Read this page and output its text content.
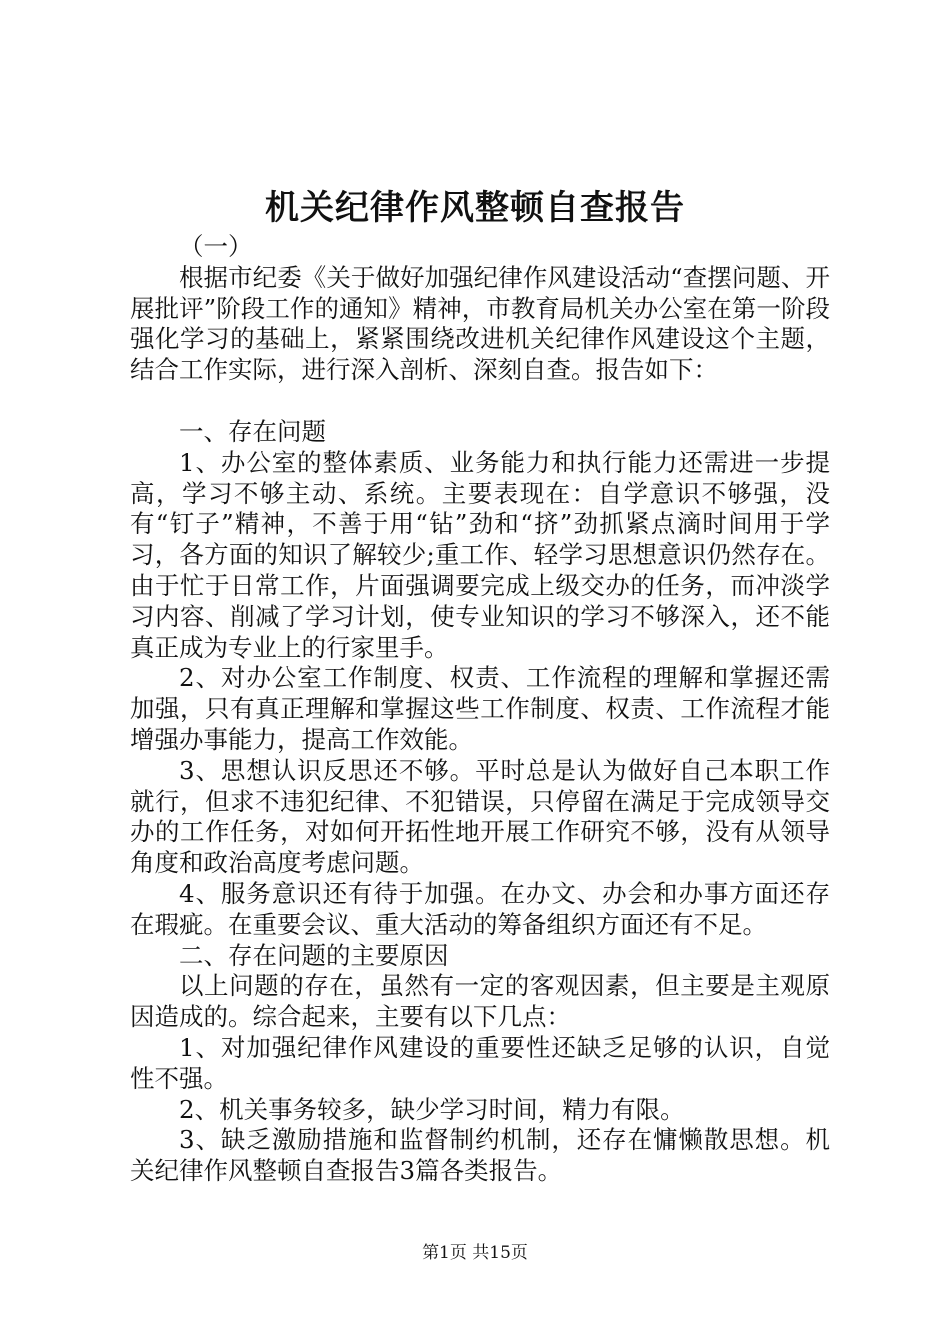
机关纪律作风整顿自查报告

（一）

根据市纪委《关于做好加强纪律作风建设活动“查摆问题、开展批评”阶段工作的通知》精神，市教育局机关办公室在第一阶段强化学习的基础上，紧紧围绕改进机关纪律作风建设这个主题，结合工作实际，进行深入剖析、深刻自查。报告如下：

一、存在问题

1、办公室的整体素质、业务能力和执行能力还需进一步提高，学习不够主动、系统。主要表现在：自学意识不够强，没有“钉子”精神，不善于用“钻”劲和“挤”劲抓紧点滴时间用于学习，各方面的知识了解较少;重工作、轻学习思想意识仍然存在。由于忙于日常工作，片面强调要完成上级交办的任务，而冲淡学习内容、削减了学习计划，使专业知识的学习不够深入，还不能真正成为专业上的行家里手。

2、对办公室工作制度、权责、工作流程的理解和掌握还需加强，只有真正理解和掌握这些工作制度、权责、工作流程才能增强办事能力，提高工作效能。

3、思想认识反思还不够。平时总是认为做好自己本职工作就行，但求不违犯纪律、不犯错误，只停留在满足于完成领导交办的工作任务，对如何开拓性地开展工作研究不够，没有从领导角度和政治高度考虑问题。

4、服务意识还有待于加强。在办文、办会和办事方面还存在瑕疵。在重要会议、重大活动的筹备组织方面还有不足。

二、存在问题的主要原因

以上问题的存在，虽然有一定的客观因素，但主要是主观原因造成的。综合起来，主要有以下几点：

1、对加强纪律作风建设的重要性还缺乏足够的认识，自觉性不强。

2、机关事务较多，缺少学习时间，精力有限。

3、缺乏激励措施和监督制约机制，还存在慵懒散思想。机关纪律作风整顿自查报告3篇各类报告。

第1页 共15页
